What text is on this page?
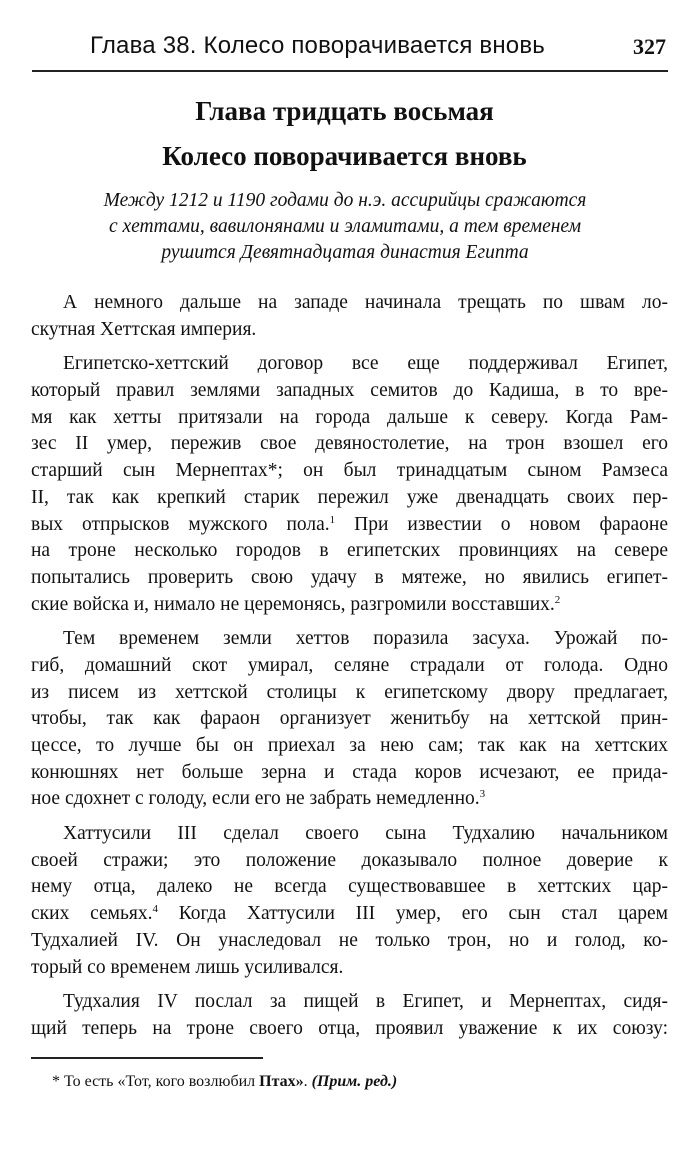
Глава 38. Колесо поворачивается вновь	327
Глава тридцать восьмая
Колесо поворачивается вновь
Между 1212 и 1190 годами до н.э. ассирийцы сражаются
с хеттами, вавилонянами и эламитами, а тем временем
рушится Девятнадцатая династия Египта
А немного дальше на западе начинала трещать по швам ло-
скутная Хеттская империя.
Египетско-хеттский договор все еще поддерживал Египет,
который правил землями западных семитов до Кадиша, в то вре-
мя как хетты притязали на города дальше к северу. Когда Рам-
зес II умер, пережив свое девяностолетие, на трон взошел его
старший сын Мернептах*; он был тринадцатым сыном Рамзеса
II, так как крепкий старик пережил уже двенадцать своих пер-
вых отпрысков мужского пола.$^1$ При известии о новом фараоне
на троне несколько городов в египетских провинциях на севере
попытались проверить свою удачу в мятеже, но явились египет-
ские войска и, нимало не церемонясь, разгромили восставших.$^2$
Тем временем земли хеттов поразила засуха. Урожай по-
гиб, домашний скот умирал, селяне страдали от голода. Одно
из писем из хеттской столицы к египетскому двору предлагает,
чтобы, так как фараон организует женитьбу на хеттской прин-
цессе, то лучше бы он приехал за нею сам; так как на хеттских
конюшнях нет больше зерна и стада коров исчезают, ее прида-
ное сдохнет с голоду, если его не забрать немедленно.$^3$
Хаттусили III сделал своего сына Тудхалию начальником
своей стражи; это положение доказывало полное доверие к
нему отца, далеко не всегда существовавшее в хеттских цар-
ских семьях.$^4$ Когда Хаттусили III умер, его сын стал царем
Тудхалией IV. Он унаследовал не только трон, но и голод, ко-
торый со временем лишь усиливался.
Тудхалия IV послал за пищей в Египет, и Мернептах, сидя-
щий теперь на троне своего отца, проявил уважение к их союзу:
* То есть «Тот, кого возлюбил Птах». (Прим. ред.)
